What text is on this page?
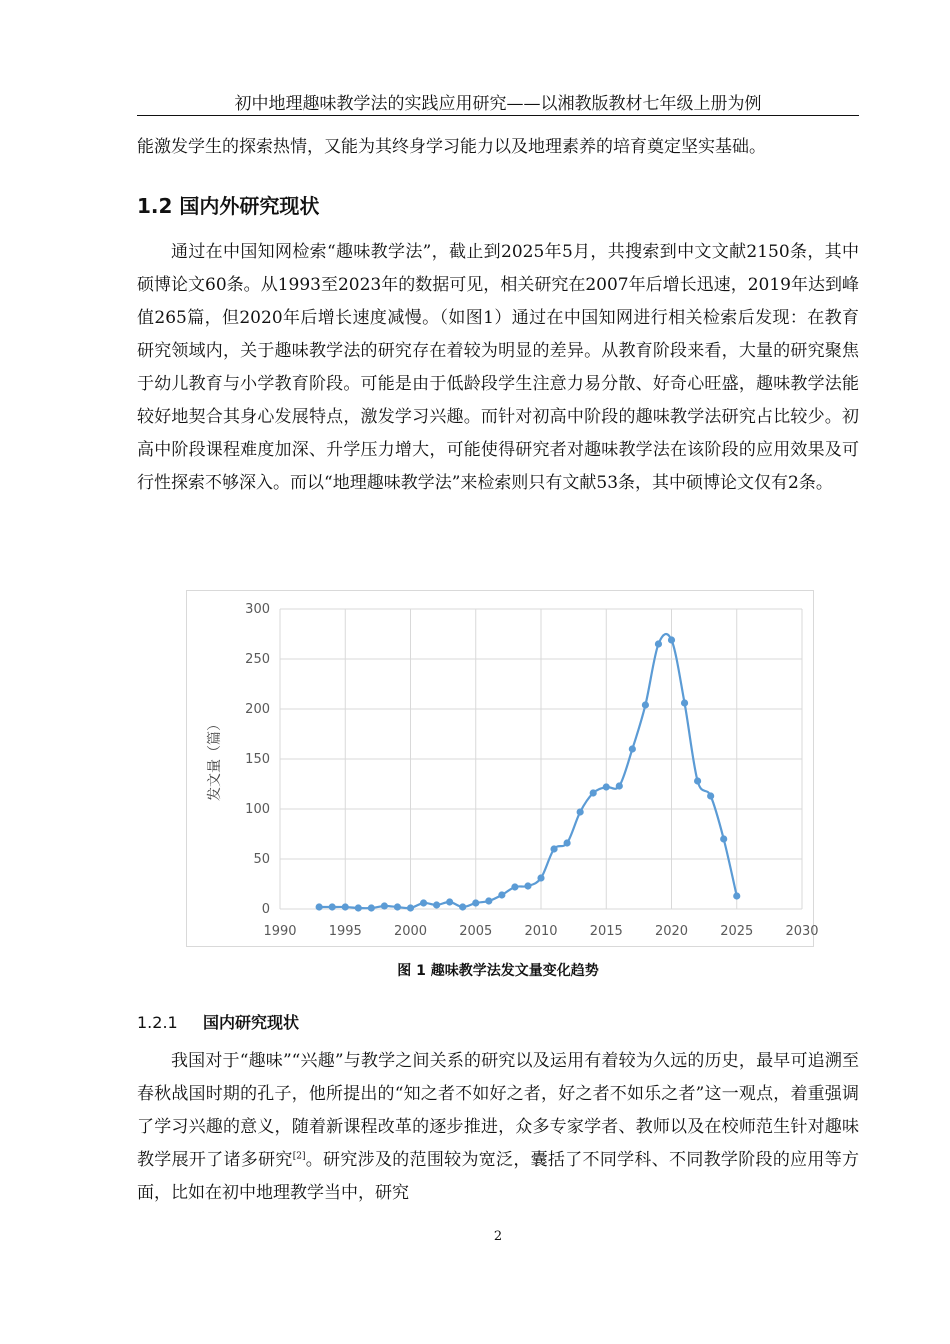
初中地理趣味教学法的实践应用研究——以湘教版教材七年级上册为例
能激发学生的探索热情，又能为其终身学习能力以及地理素养的培育奠定坚实基础。
1.2 国内外研究现状
通过在中国知网检索“趣味教学法”，截止到2025年5月，共搜索到中文文献2150条，其中硕博论文60条。从1993至2023年的数据可见，相关研究在2007年后增长迅速，2019年达到峰值265篇，但2020年后增长速度减慢。（如图1）通过在中国知网进行相关检索后发现：在教育研究领域内，关于趣味教学法的研究存在着较为明显的差异。从教育阶段来看，大量的研究聚焦于幼儿教育与小学教育阶段。可能是由于低龄段学生注意力易分散、好奇心旺盛，趣味教学法能较好地契合其身心发展特点，激发学习兴趣。而针对初高中阶段的趣味教学法研究占比较少。初高中阶段课程难度加深、升学压力增大，可能使得研究者对趣味教学法在该阶段的应用效果及可行性探索不够深入。而以“地理趣味教学法”来检索则只有文献53条，其中硕博论文仅有2条。
0
50
100
150
200
250
300
1990 1995 2000 2005 2010 2015 2020 2025 2030
发文量（篇）
图 1 趣味教学法发文量变化趋势
1.2.1 国内研究现状
我国对于“趣味”“兴趣”与教学之间关系的研究以及运用有着较为久远的历史，最早可追溯至春秋战国时期的孔子，他所提出的“知之者不如好之者，好之者不如乐之者”这一观点，着重强调了学习兴趣的意义，随着新课程改革的逐步推进，众多专家学者、教师以及在校师范生针对趣味教学展开了诸多研究[2]。研究涉及的范围较为宽泛，囊括了不同学科、不同教学阶段的应用等方面，比如在初中地理教学当中，研究
2
